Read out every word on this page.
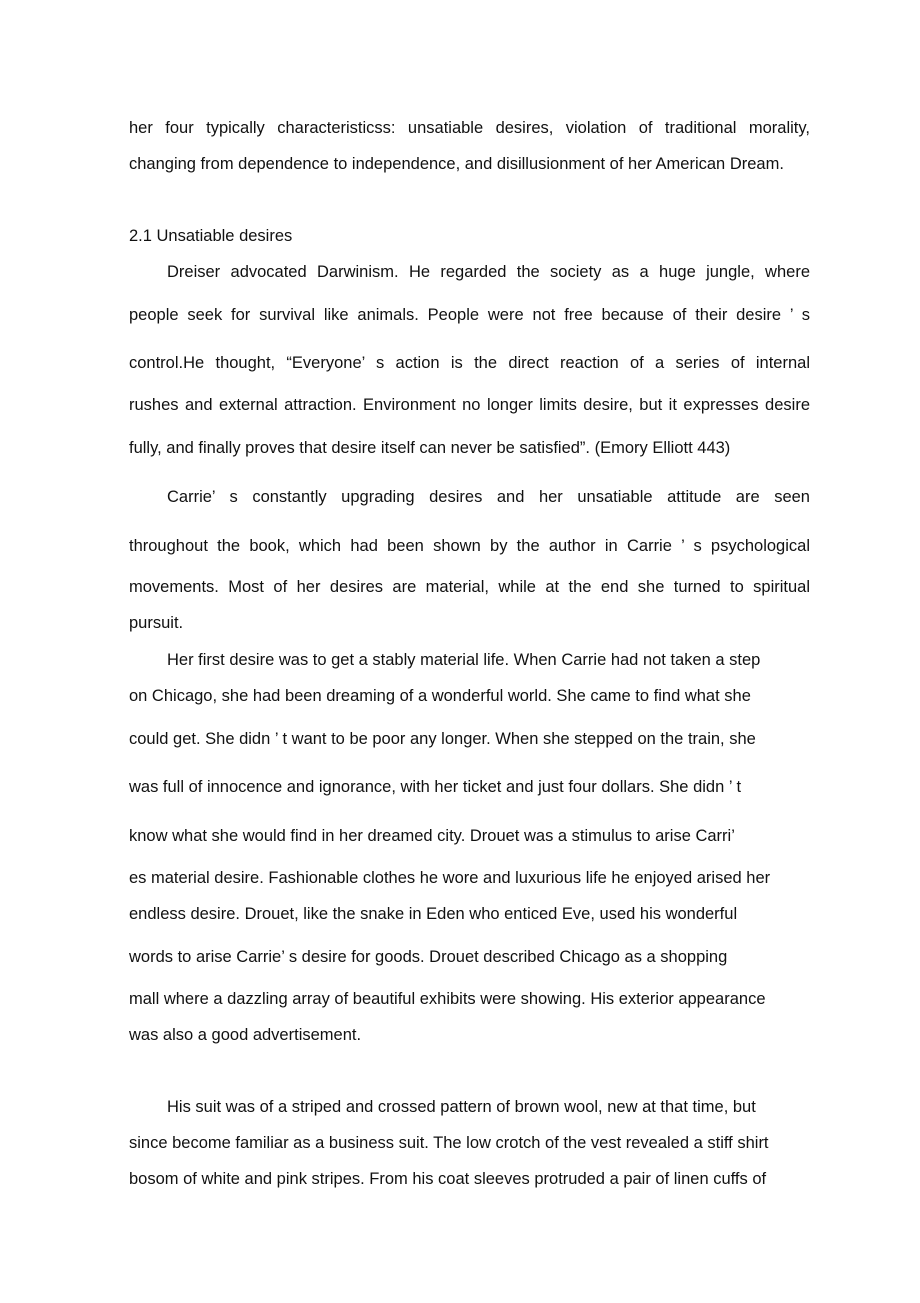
her four typically characteristicss: unsatiable desires, violation of traditional morality,
changing from dependence to independence, and disillusionment of her American Dream.
2.1 Unsatiable desires
Dreiser advocated Darwinism. He regarded the society as a huge jungle, where
people seek for survival like animals. People were not free because of their desire ’ s
control.He thought, “Everyone’ s action is the direct reaction of a series of internal
rushes and external attraction. Environment no longer limits desire, but it expresses desire
fully, and finally proves that desire itself can never be satisfied”. (Emory Elliott 443)
Carrie’ s constantly upgrading desires and her unsatiable attitude are seen
throughout the book, which had been shown by the author in Carrie ’ s psychological
movements. Most of her desires are material, while at the end she turned to spiritual
pursuit.
Her first desire was to get a stably material life. When Carrie had not taken a step
on Chicago, she had been dreaming of a wonderful world. She came to find what she
could get. She didn ’ t want to be poor any longer. When she stepped on the train, she
was full of innocence and ignorance, with her ticket and just four dollars. She didn ’ t
know what she would find in her dreamed city. Drouet was a stimulus to arise Carri’
es material desire. Fashionable clothes he wore and luxurious life he enjoyed arised her
endless desire. Drouet, like the snake in Eden who enticed Eve, used his wonderful
words to arise Carrie’ s desire for goods. Drouet described Chicago as a shopping
mall where a dazzling array of beautiful exhibits were showing. His exterior appearance
was also a good advertisement.
His suit was of a striped and crossed pattern of brown wool, new at that time, but
since become familiar as a business suit. The low crotch of the vest revealed a stiff shirt
bosom of white and pink stripes. From his coat sleeves protruded a pair of linen cuffs of
